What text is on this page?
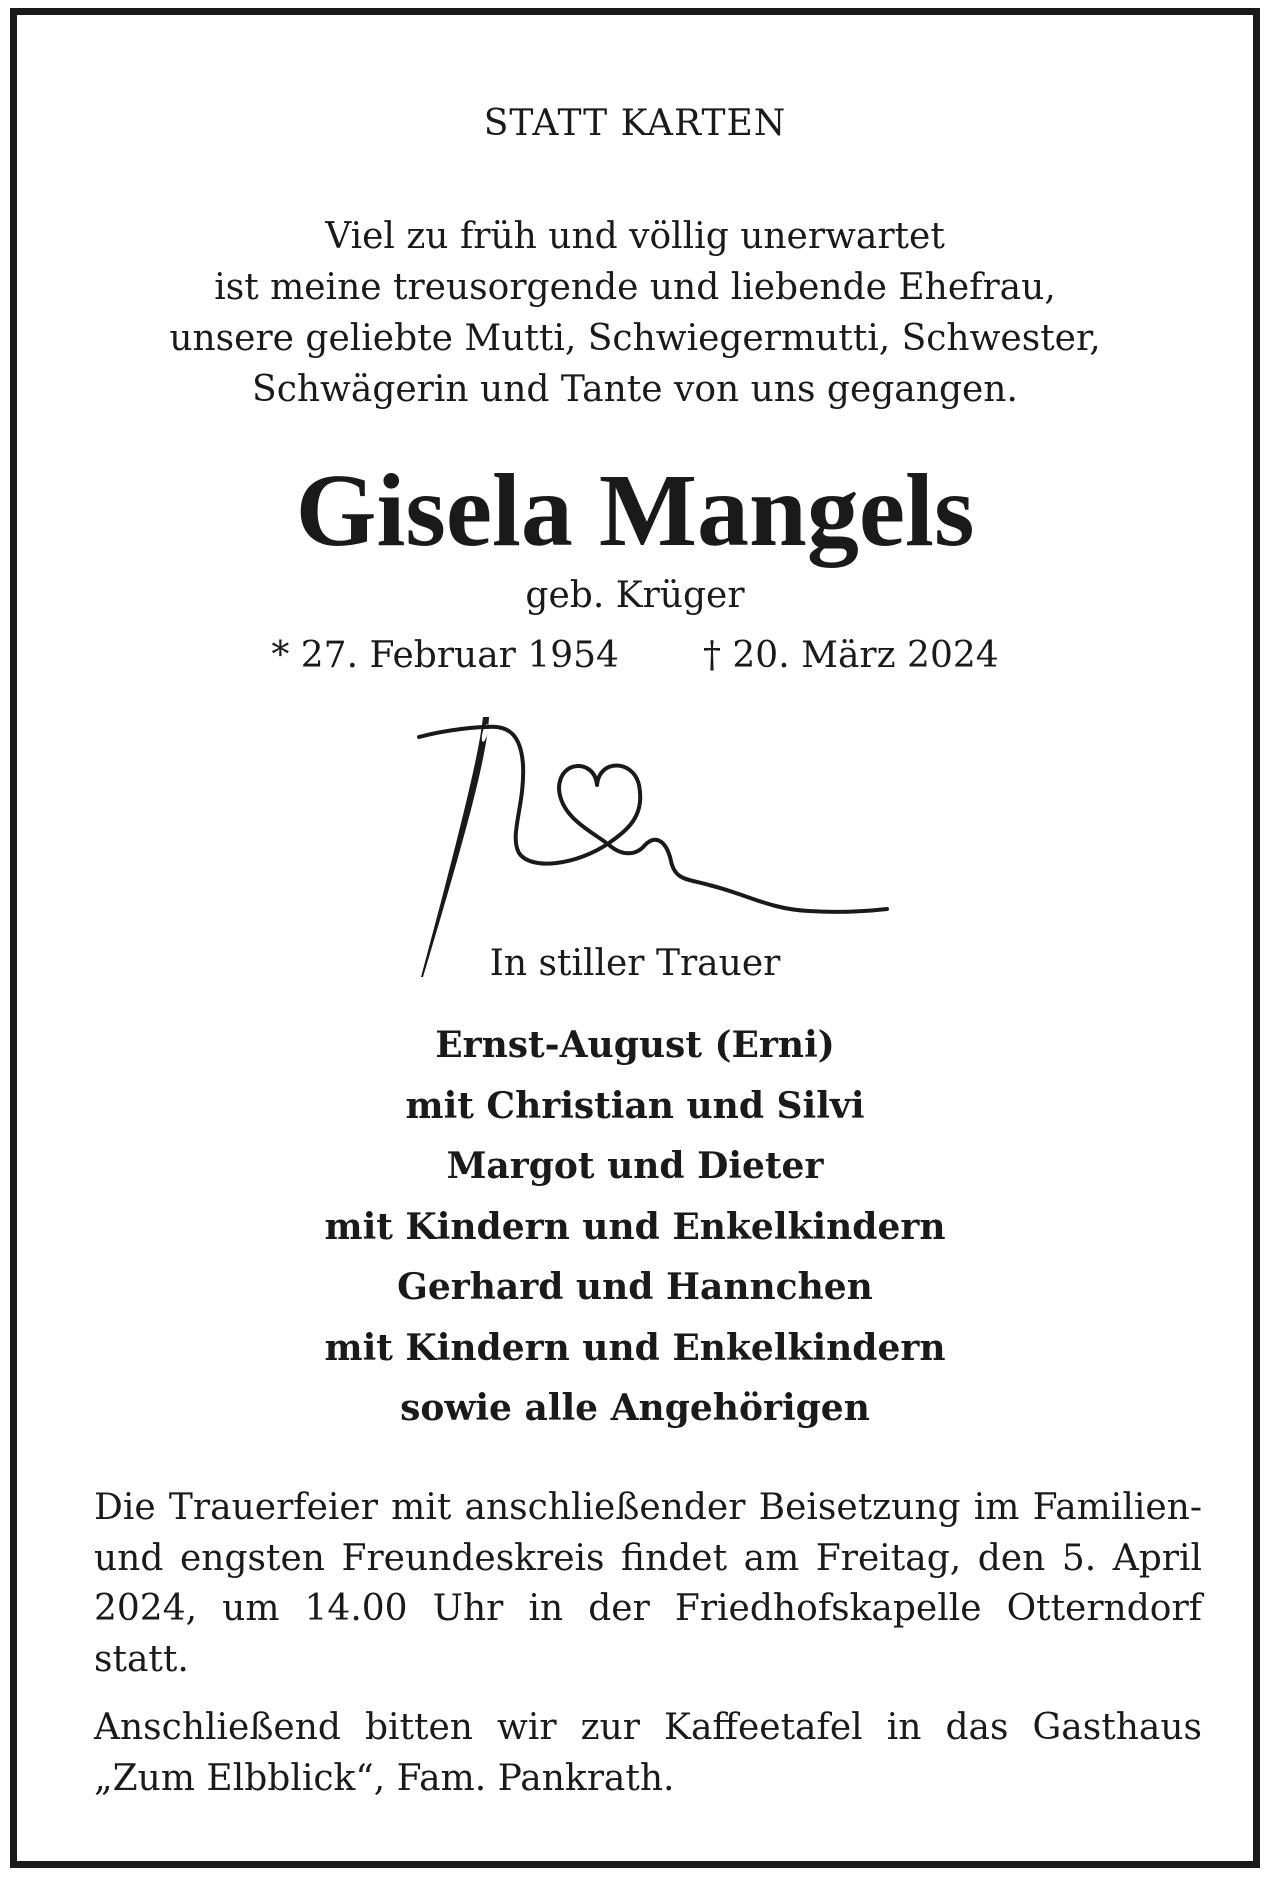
STATT KARTEN
Viel zu früh und völlig unerwartet
ist meine treusorgende und liebende Ehefrau,
unsere geliebte Mutti, Schwiegermutti, Schwester,
Schwägerin und Tante von uns gegangen.
Gisela Mangels
geb. Krüger
* 27. Februar 1954 † 20. März 2024
In stiller Trauer
Ernst-August (Erni)
mit Christian und Silvi
Margot und Dieter
mit Kindern und Enkelkindern
Gerhard und Hannchen
mit Kindern und Enkelkindern
sowie alle Angehörigen
Die Trauerfeier mit anschließender Beisetzung im Familien- und engsten Freundeskreis findet am Freitag, den 5. April 2024, um 14.00 Uhr in der Friedhofskapelle Otterndorf statt.
Anschließend bitten wir zur Kaffeetafel in das Gasthaus „Zum Elbblick“, Fam. Pankrath.
